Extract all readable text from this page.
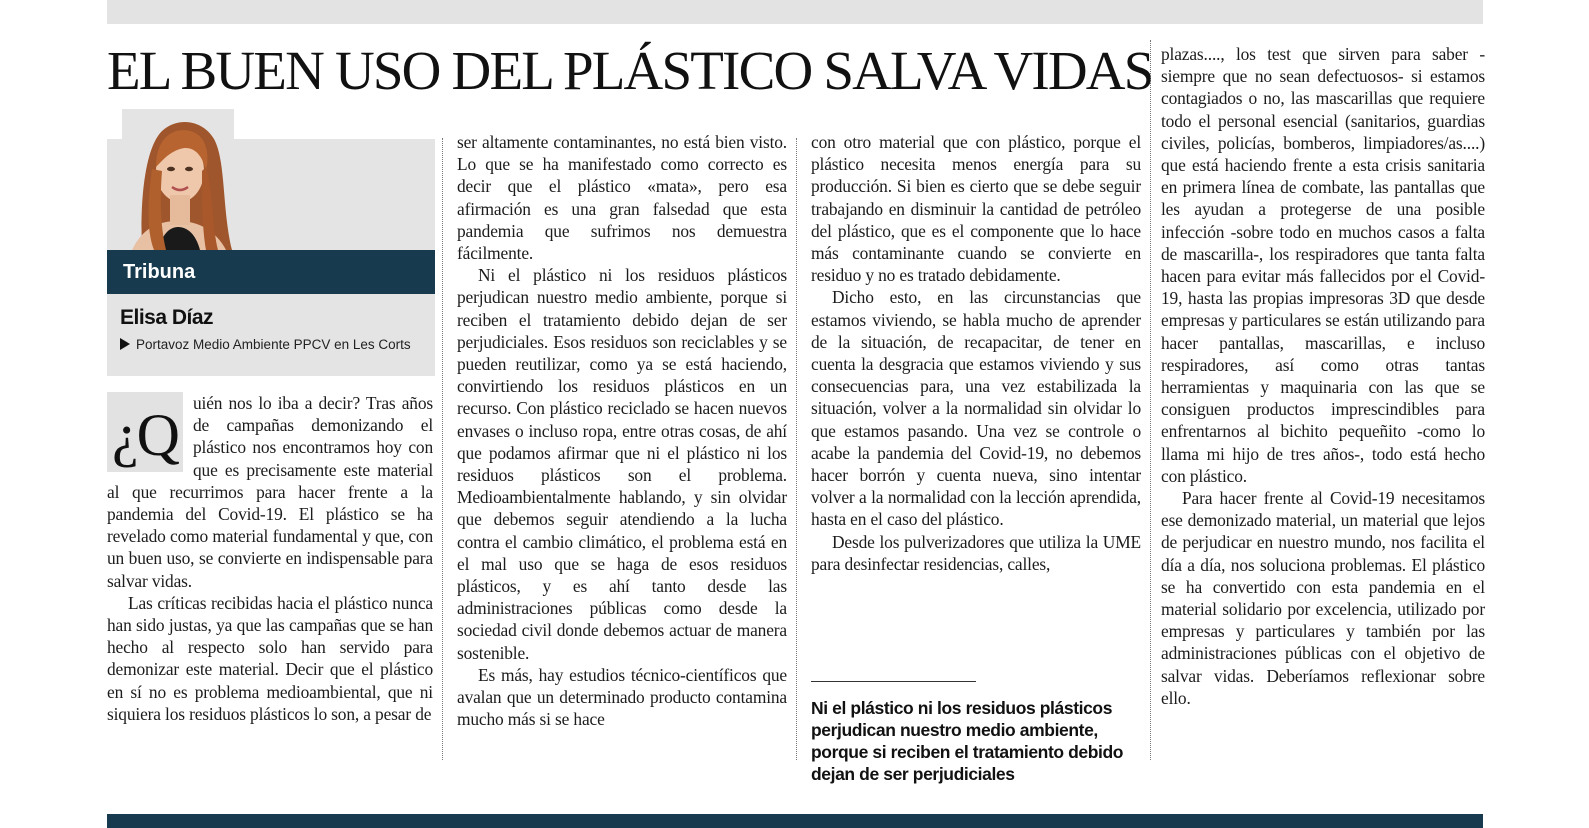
EL BUEN USO DEL PLÁSTICO SALVA VIDAS
Tribuna
Elisa Díaz
Portavoz Medio Ambiente PPCV en Les Corts
¿Q uién nos lo iba a decir? Tras años de campañas demonizando el plástico nos encontramos hoy con que es precisamente este material al que recurrimos para hacer frente a la pandemia del Covid-19. El plástico se ha revelado como material fundamental y que, con un buen uso, se convierte en indispensable para salvar vidas.

Las críticas recibidas hacia el plástico nunca han sido justas, ya que las campañas que se han hecho al respecto solo han servido para demonizar este material. Decir que el plástico en sí no es problema medioambiental, que ni siquiera los residuos plásticos lo son, a pesar de

ser altamente contaminantes, no está bien visto. Lo que se ha manifestado como correcto es decir que el plástico «mata», pero esa afirmación es una gran falsedad que esta pandemia que sufrimos nos demuestra fácilmente.

Ni el plástico ni los residuos plásticos perjudican nuestro medio ambiente, porque si reciben el tratamiento debido dejan de ser perjudiciales. Esos residuos son reciclables y se pueden reutilizar, como ya se está haciendo, convirtiendo los residuos plásticos en un recurso. Con plástico reciclado se hacen nuevos envases o incluso ropa, entre otras cosas, de ahí que podamos afirmar que ni el plástico ni los residuos plásticos son el problema. Medioambientalmente hablando, y sin olvidar que debemos seguir atendiendo a la lucha contra el cambio climático, el problema está en el mal uso que se haga de esos residuos plásticos, y es ahí tanto desde las administraciones públicas como desde la sociedad civil donde debemos actuar de manera sostenible.

Es más, hay estudios técnico-científicos que avalan que un determinado producto contamina mucho más si se hace

con otro material que con plástico, porque el plástico necesita menos energía para su producción. Si bien es cierto que se debe seguir trabajando en disminuir la cantidad de petróleo del plástico, que es el componente que lo hace más contaminante cuando se convierte en residuo y no es tratado debidamente.

Dicho esto, en las circunstancias que estamos viviendo, se habla mucho de aprender de la situación, de recapacitar, de tener en cuenta la desgracia que estamos viviendo y sus consecuencias para, una vez estabilizada la situación, volver a la normalidad sin olvidar lo que estamos pasando. Una vez se controle o acabe la pandemia del Covid-19, no debemos hacer borrón y cuenta nueva, sino intentar volver a la normalidad con la lección aprendida, hasta en el caso del plástico.

Desde los pulverizadores que utiliza la UME para desinfectar residencias, calles,

Ni el plástico ni los residuos plásticos perjudican nuestro medio ambiente, porque si reciben el tratamiento debido dejan de ser perjudiciales

plazas...., los test que sirven para saber -siempre que no sean defectuosos- si estamos contagiados o no, las mascarillas que requiere todo el personal esencial (sanitarios, guardias civiles, policías, bomberos, limpiadores/as....) que está haciendo frente a esta crisis sanitaria en primera línea de combate, las pantallas que les ayudan a protegerse de una posible infección -sobre todo en muchos casos a falta de mascarilla-, los respiradores que tanta falta hacen para evitar más fallecidos por el Covid-19, hasta las propias impresoras 3D que desde empresas y particulares se están utilizando para hacer pantallas, mascarillas, e incluso respiradores, así como otras tantas herramientas y maquinaria con las que se consiguen productos imprescindibles para enfrentarnos al bichito pequeñito -como lo llama mi hijo de tres años-, todo está hecho con plástico.

Para hacer frente al Covid-19 necesitamos ese demonizado material, un material que lejos de perjudicar en nuestro mundo, nos facilita el día a día, nos soluciona problemas. El plástico se ha convertido con esta pandemia en el material solidario por excelencia, utilizado por empresas y particulares y también por las administraciones públicas con el objetivo de salvar vidas. Deberíamos reflexionar sobre ello.
